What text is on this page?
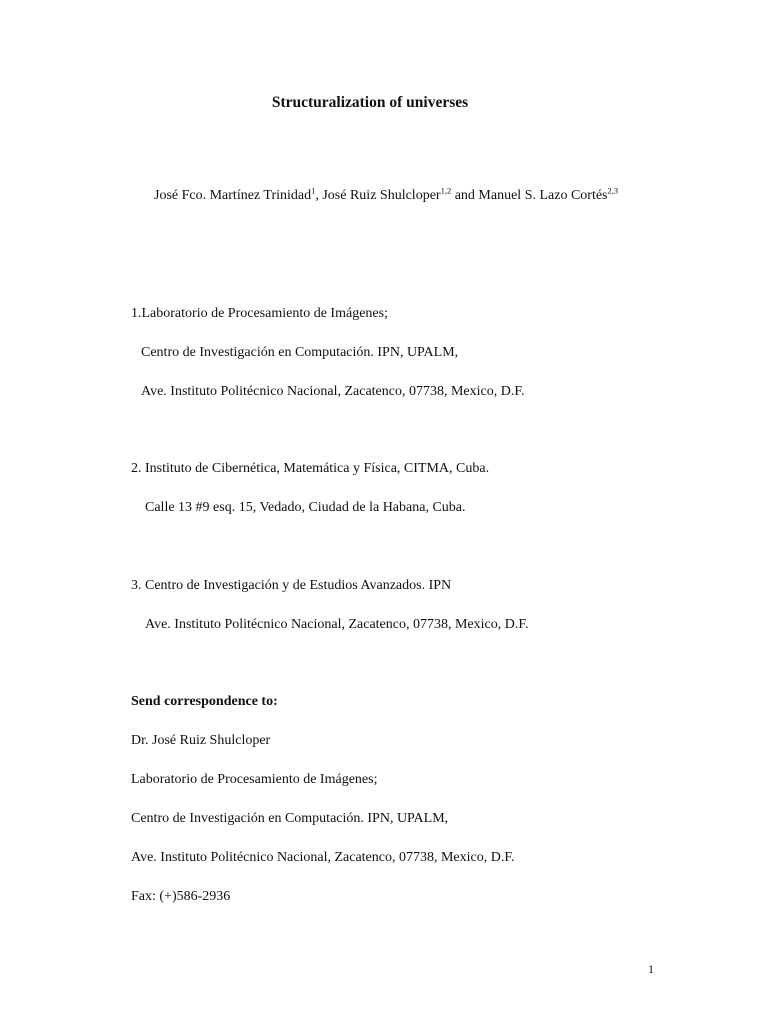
Structuralization of universes
José Fco. Martínez Trinidad$^1$, José Ruiz Shulcloper$^{1,2}$ and Manuel S. Lazo Cortés$^{2,3}$
1.Laboratorio de Procesamiento de Imágenes;
Centro de Investigación en Computación. IPN, UPALM,
Ave. Instituto Politécnico Nacional, Zacatenco, 07738, Mexico, D.F.
2. Instituto de Cibernética, Matemática y Física, CITMA, Cuba.
Calle 13 #9 esq. 15, Vedado, Ciudad de la Habana, Cuba.
3. Centro de Investigación y de Estudios Avanzados. IPN
Ave. Instituto Politécnico Nacional, Zacatenco, 07738, Mexico, D.F.
Send correspondence to:
Dr. José Ruiz Shulcloper
Laboratorio de Procesamiento de Imágenes;
Centro de Investigación en Computación. IPN, UPALM,
Ave. Instituto Politécnico Nacional, Zacatenco, 07738, Mexico, D.F.
Fax: (+)586-2936
1
